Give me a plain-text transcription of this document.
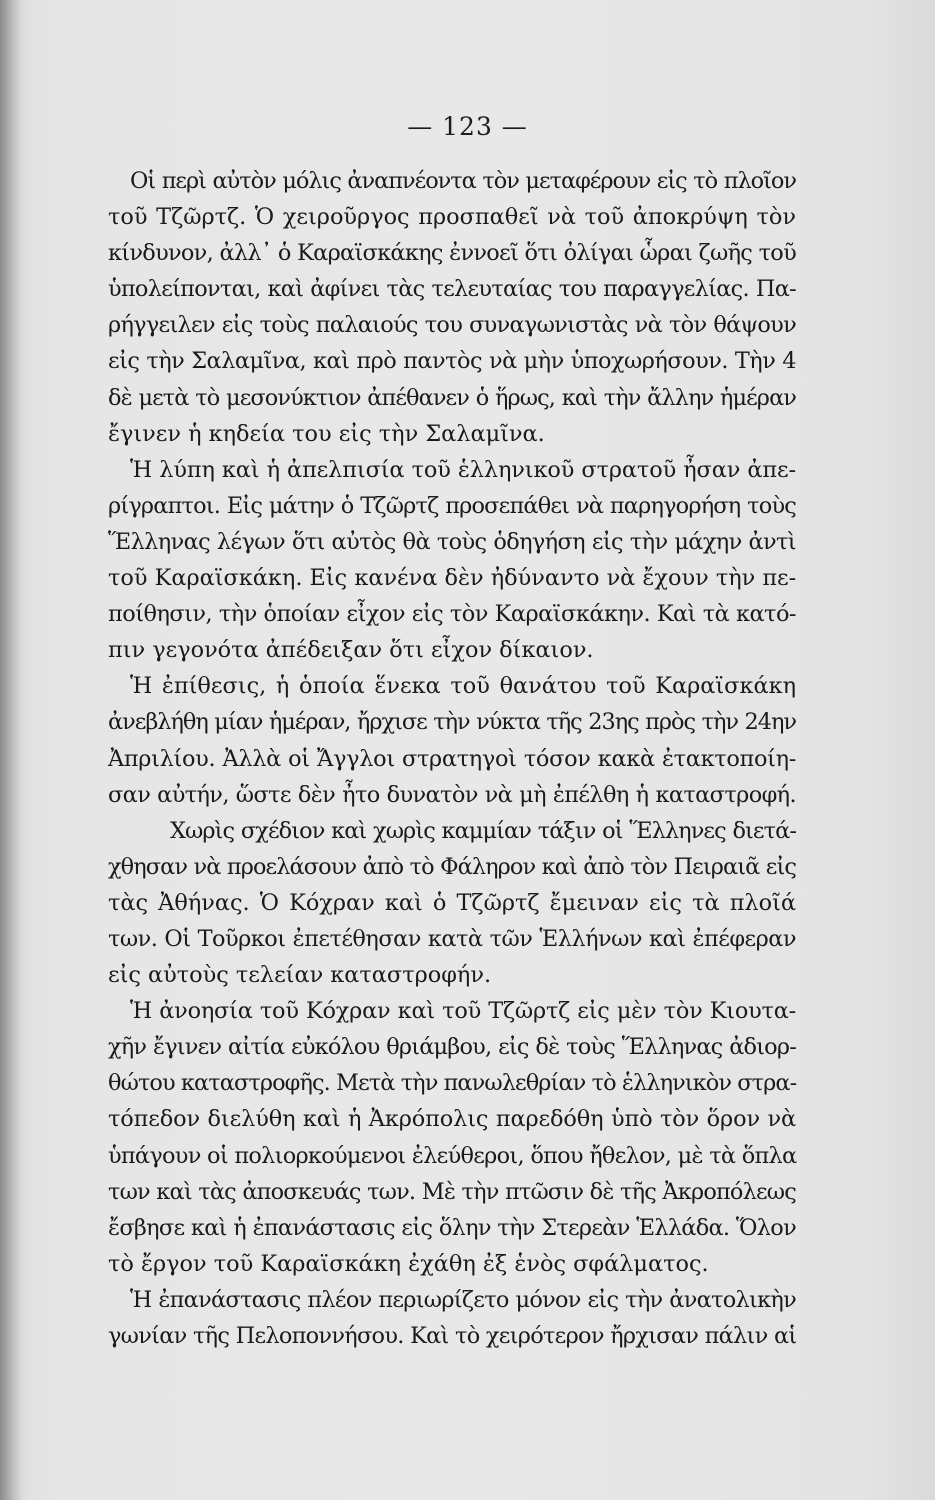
— 123 —
Οἱ περὶ αὐτὸν μόλις ἀναπνέοντα τὸν μεταφέρουν εἰς τὸ πλοῖον
τοῦ Τζῶρτζ. Ὁ χειροῦργος προσπαθεῖ νὰ τοῦ ἀποκρύψη τὸν
κίνδυνον, ἀλλ᾽ ὁ Καραϊσκάκης ἐννοεῖ ὅτι ὀλίγαι ὧραι ζωῆς τοῦ
ὑπολείπονται, καὶ ἀφίνει τὰς τελευταίας του παραγγελίας. Πα-
ρήγγειλεν εἰς τοὺς παλαιούς του συναγωνιστὰς νὰ τὸν θάψουν
εἰς τὴν Σαλαμῖνα, καὶ πρὸ παντὸς νὰ μὴν ὑποχωρήσουν. Τὴν 4
δὲ μετὰ τὸ μεσονύκτιον ἀπέθανεν ὁ ἥρως, καὶ τὴν ἄλλην ἡμέραν
ἔγινεν ἡ κηδεία του εἰς τὴν Σαλαμῖνα.
Ἡ λύπη καὶ ἡ ἀπελπισία τοῦ ἑλληνικοῦ στρατοῦ ἦσαν ἀπε-
ρίγραπτοι. Εἰς μάτην ὁ Τζῶρτζ προσεπάθει νὰ παρηγορήση τοὺς
Ἕλληνας λέγων ὅτι αὐτὸς θὰ τοὺς ὁδηγήση εἰς τὴν μάχην ἀντὶ
τοῦ Καραϊσκάκη. Εἰς κανένα δὲν ἠδύναντο νὰ ἔχουν τὴν πε-
ποίθησιν, τὴν ὁποίαν εἶχον εἰς τὸν Καραϊσκάκην. Καὶ τὰ κατό-
πιν γεγονότα ἀπέδειξαν ὅτι εἶχον δίκαιον.
Ἡ ἐπίθεσις, ἡ ὁποία ἕνεκα τοῦ θανάτου τοῦ Καραϊσκάκη
ἀνεβλήθη μίαν ἡμέραν, ἤρχισε τὴν νύκτα τῆς 23ης πρὸς τὴν 24ην
Ἀπριλίου. Ἀλλὰ οἱ Ἄγγλοι στρατηγοὶ τόσον κακὰ ἐτακτοποίη-
σαν αὐτήν, ὥστε δὲν ἦτο δυνατὸν νὰ μὴ ἐπέλθη ἡ καταστροφή.
Χωρὶς σχέδιον καὶ χωρὶς καμμίαν τάξιν οἱ Ἕλληνες διετά-
χθησαν νὰ προελάσουν ἀπὸ τὸ Φάληρον καὶ ἀπὸ τὸν Πειραιᾶ εἰς
τὰς Ἀθήνας. Ὁ Κόχραν καὶ ὁ Τζῶρτζ ἔμειναν εἰς τὰ πλοῖά
των. Οἱ Τοῦρκοι ἐπετέθησαν κατὰ τῶν Ἑλλήνων καὶ ἐπέφεραν
εἰς αὐτοὺς τελείαν καταστροφήν.
Ἡ ἀνοησία τοῦ Κόχραν καὶ τοῦ Τζῶρτζ εἰς μὲν τὸν Κιουτα-
χῆν ἔγινεν αἰτία εὐκόλου θριάμβου, εἰς δὲ τοὺς Ἕλληνας ἀδιορ-
θώτου καταστροφῆς. Μετὰ τὴν πανωλεθρίαν τὸ ἑλληνικὸν στρα-
τόπεδον διελύθη καὶ ἡ Ἀκρόπολις παρεδόθη ὑπὸ τὸν ὅρον νὰ
ὑπάγουν οἱ πολιορκούμενοι ἐλεύθεροι, ὅπου ἤθελον, μὲ τὰ ὅπλα
των καὶ τὰς ἀποσκευάς των. Μὲ τὴν πτῶσιν δὲ τῆς Ἀκροπόλεως
ἔσβησε καὶ ἡ ἐπανάστασις εἰς ὅλην τὴν Στερεὰν Ἑλλάδα. Ὅλον
τὸ ἔργον τοῦ Καραϊσκάκη ἐχάθη ἐξ ἑνὸς σφάλματος.
Ἡ ἐπανάστασις πλέον περιωρίζετο μόνον εἰς τὴν ἀνατολικὴν
γωνίαν τῆς Πελοποννήσου. Καὶ τὸ χειρότερον ἤρχισαν πάλιν αἱ
